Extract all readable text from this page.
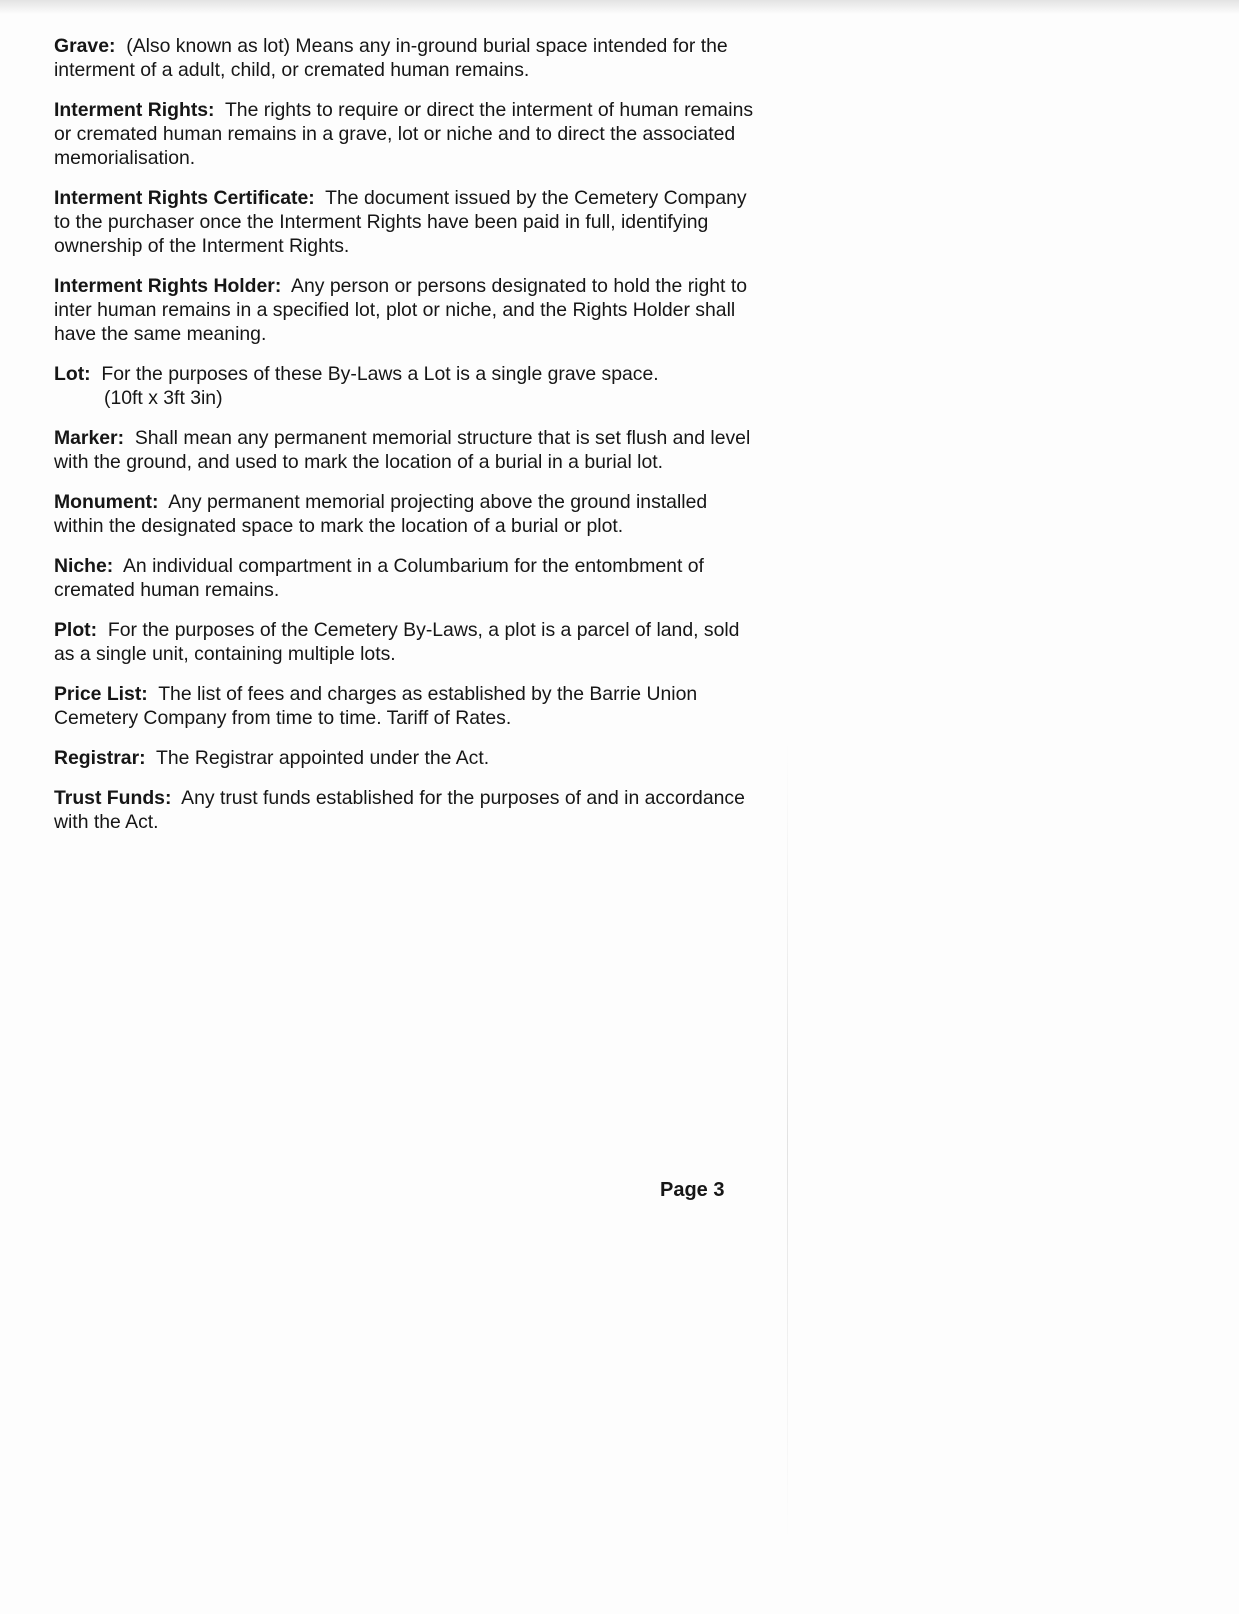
Grave: (Also known as lot) Means any in-ground burial space intended for the interment of a adult, child, or cremated human remains.
Interment Rights: The rights to require or direct the interment of human remains or cremated human remains in a grave, lot or niche and to direct the associated memorialisation.
Interment Rights Certificate: The document issued by the Cemetery Company to the purchaser once the Interment Rights have been paid in full, identifying ownership of the Interment Rights.
Interment Rights Holder: Any person or persons designated to hold the right to inter human remains in a specified lot, plot or niche, and the Rights Holder shall have the same meaning.
Lot: For the purposes of these By-Laws a Lot is a single grave space.
(10ft x 3ft 3in)
Marker: Shall mean any permanent memorial structure that is set flush and level with the ground, and used to mark the location of a burial in a burial lot.
Monument: Any permanent memorial projecting above the ground installed within the designated space to mark the location of a burial or plot.
Niche: An individual compartment in a Columbarium for the entombment of cremated human remains.
Plot: For the purposes of the Cemetery By-Laws, a plot is a parcel of land, sold as a single unit, containing multiple lots.
Price List: The list of fees and charges as established by the Barrie Union Cemetery Company from time to time. Tariff of Rates.
Registrar: The Registrar appointed under the Act.
Trust Funds: Any trust funds established for the purposes of and in accordance with the Act.
Page 3
